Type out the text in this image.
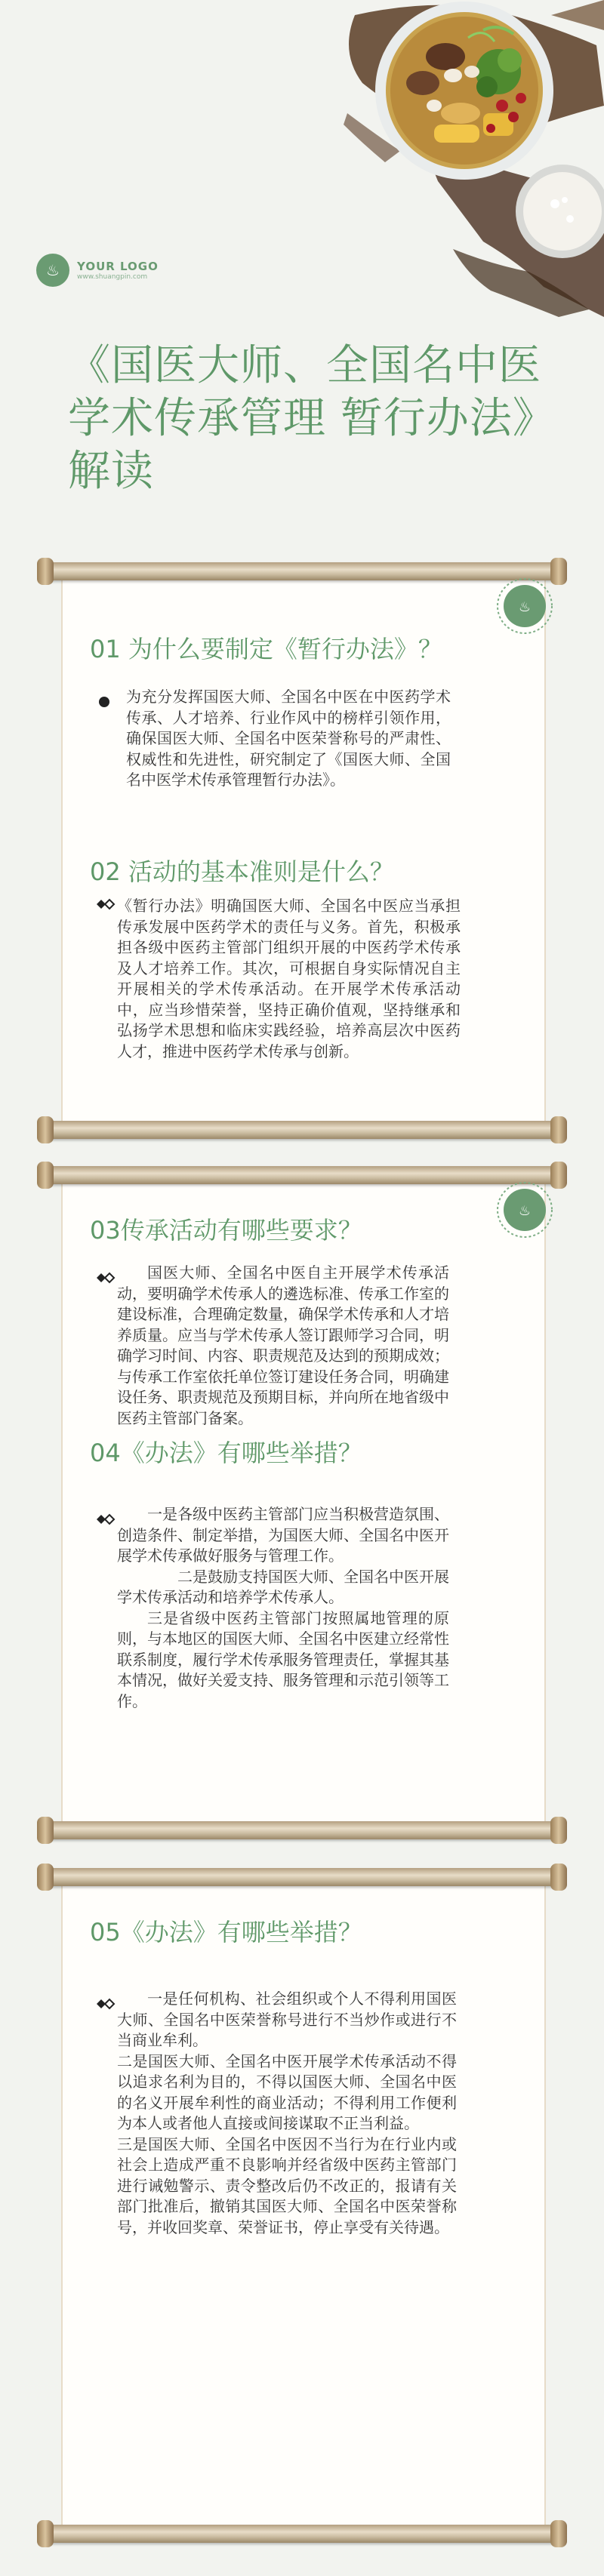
♨	YOUR LOGO
www.shuangpin.com
《国医大师、全国名中医学术传承管理 暂行办法》解读
♨
01 为什么要制定《暂行办法》？

为充分发挥国医大师、全国名中医在中医药学术传承、人才培养、行业作风中的榜样引领作用，确保国医大师、全国名中医荣誉称号的严肃性、权威性和先进性，研究制定了《国医大师、全国名中医学术传承管理暂行办法》。

02 活动的基本准则是什么？

《暂行办法》明确国医大师、全国名中医应当承担传承发展中医药学术的责任与义务。首先，积极承担各级中医药主管部门组织开展的中医药学术传承及人才培养工作。其次，可根据自身实际情况自主开展相关的学术传承活动。在开展学术传承活动中，应当珍惜荣誉，坚持正确价值观，坚持继承和弘扬学术思想和临床实践经验，培养高层次中医药人才，推进中医药学术传承与创新。

♨
03传承活动有哪些要求？

国医大师、全国名中医自主开展学术传承活动，要明确学术传承人的遴选标准、传承工作室的建设标准，合理确定数量，确保学术传承和人才培养质量。应当与学术传承人签订跟师学习合同，明确学习时间、内容、职责规范及达到的预期成效；与传承工作室依托单位签订建设任务合同，明确建设任务、职责规范及预期目标，并向所在地省级中医药主管部门备案。

04《办法》有哪些举措？
一是各级中医药主管部门应当积极营造氛围、创造条件、制定举措，为国医大师、全国名中医开展学术传承做好服务与管理工作。
二是鼓励支持国医大师、全国名中医开展学术传承活动和培养学术传承人。
三是省级中医药主管部门按照属地管理的原则，与本地区的国医大师、全国名中医建立经常性联系制度，履行学术传承服务管理责任，掌握其基本情况，做好关爱支持、服务管理和示范引领等工作。
05《办法》有哪些举措？
一是任何机构、社会组织或个人不得利用国医大师、全国名中医荣誉称号进行不当炒作或进行不当商业牟利。
二是国医大师、全国名中医开展学术传承活动不得以追求名利为目的，不得以国医大师、全国名中医的名义开展牟利性的商业活动；不得利用工作便利为本人或者他人直接或间接谋取不正当利益。
三是国医大师、全国名中医因不当行为在行业内或社会上造成严重不良影响并经省级中医药主管部门进行诫勉警示、责令整改后仍不改正的，报请有关部门批准后，撤销其国医大师、全国名中医荣誉称号，并收回奖章、荣誉证书，停止享受有关待遇。
